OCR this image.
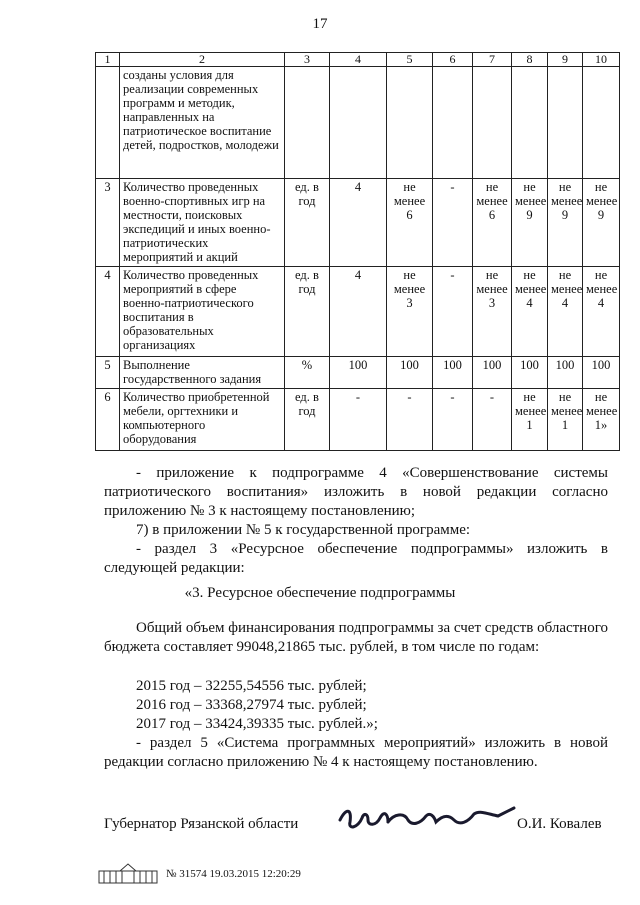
17
1	2	3	4	5	6	7	8	9	10
	созданы условия для реализации современных программ и методик, направленных на патриотическое воспитание детей, подростков, молодежи								
3	Количество проведенных военно-спортивных игр на местности, поисковых экспедиций и иных военно-патриотических мероприятий и акций	ед. в год	4	не менее 6	-	не менее 6	не менее 9	не менее 9	не менее 9
4	Количество проведенных мероприятий в сфере военно-патриотического воспитания в образовательных организациях	ед. в год	4	не менее 3	-	не менее 3	не менее 4	не менее 4	не менее 4
5	Выполнение государственного задания	%	100	100	100	100	100	100	100
6	Количество приобретенной мебели, оргтехники и компьютерного оборудования	ед. в год	-	-	-	-	не менее 1	не менее 1	не менее 1»
- приложение к подпрограмме 4 «Совершенствование системы патриотического воспитания» изложить в новой редакции согласно приложению № 3 к настоящему постановлению;
7) в приложении № 5 к государственной программе:
- раздел 3 «Ресурсное обеспечение подпрограммы» изложить в следующей редакции:
«3. Ресурсное обеспечение подпрограммы
Общий объем финансирования подпрограммы за счет средств областного бюджета составляет 99048,21865 тыс. рублей, в том числе по годам:
2015 год – 32255,54556 тыс. рублей;
2016 год – 33368,27974 тыс. рублей;
2017 год – 33424,39335 тыс. рублей.»;
- раздел 5 «Система программных мероприятий» изложить в новой редакции согласно приложению № 4 к настоящему постановлению.
Губернатор Рязанской области	О.И. Ковалев
№ 31574 19.03.2015 12:20:29
